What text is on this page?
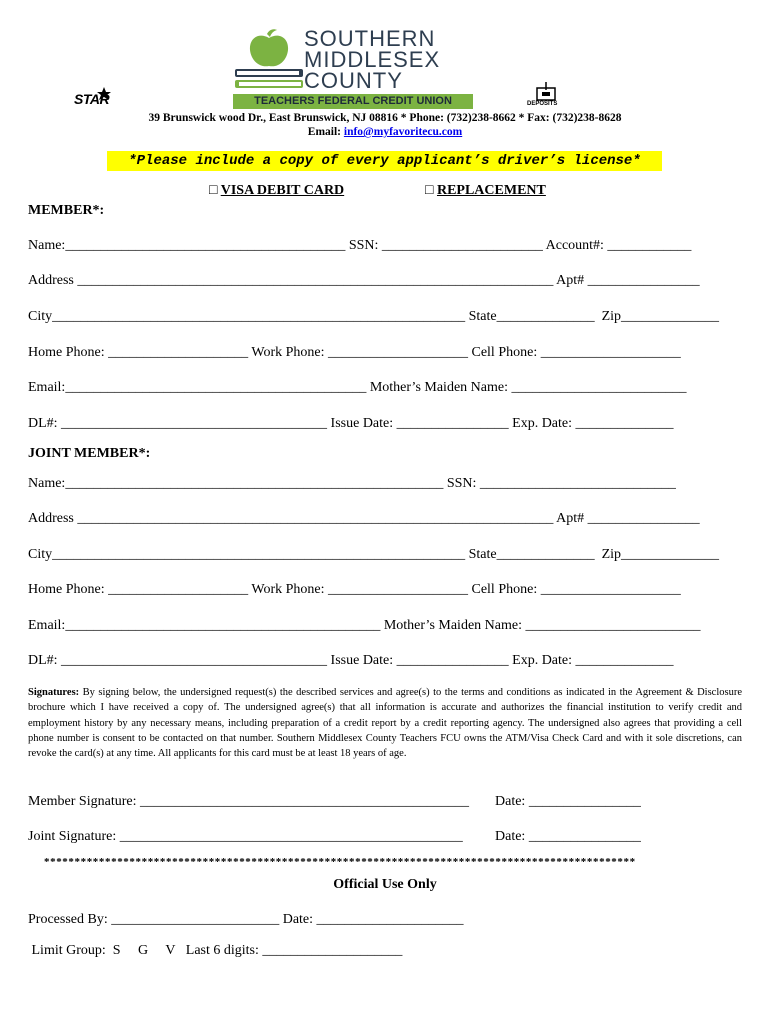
STAR
SOUTHERN
MIDDLESEX
COUNTY
TEACHERS FEDERAL CREDIT UNION	DEPOSITS
39 Brunswick wood Dr., East Brunswick, NJ 08816 * Phone: (732)238-8662 * Fax: (732)238-8628
Email: info@myfavoritecu.com
*Please include a copy of every applicant’s driver’s license*
□ VISA DEBIT CARD	□ REPLACEMENT
MEMBER*:
Name:________________________________________ SSN: _______________________ Account#: ____________
Address ____________________________________________________________________ Apt# ________________
City___________________________________________________________ State______________  Zip______________
Home Phone: ____________________ Work Phone: ____________________ Cell Phone: ____________________
Email:___________________________________________ Mother’s Maiden Name: _________________________
DL#: ______________________________________ Issue Date: ________________ Exp. Date: ______________
JOINT MEMBER*:
Name:______________________________________________________ SSN: ____________________________
Address ____________________________________________________________________ Apt# ________________
City___________________________________________________________ State______________  Zip______________
Home Phone: ____________________ Work Phone: ____________________ Cell Phone: ____________________
Email:_____________________________________________ Mother’s Maiden Name: _________________________
DL#: ______________________________________ Issue Date: ________________ Exp. Date: ______________
Signatures: By signing below, the undersigned request(s) the described services and agree(s) to the terms and conditions as indicated in the Agreement & Disclosure brochure which I have received a copy of. The undersigned agree(s) that all information is accurate and authorizes the financial institution to verify credit and employment history by any necessary means, including preparation of a credit report by a credit reporting agency. The undersigned also agrees that providing a cell phone number is consent to be contacted on that number. Southern Middlesex County Teachers FCU owns the ATM/Visa Check Card and with it sole discretions, can revoke the card(s) at any time. All applicants for this card must be at least 18 years of age.
Member Signature: _______________________________________________ Date: ________________
Joint Signature: _________________________________________________ Date: ________________
*************************************************************************************************
Official Use Only
Processed By: ________________________ Date: _____________________
Limit Group:  S     G     V   Last 6 digits: ____________________
